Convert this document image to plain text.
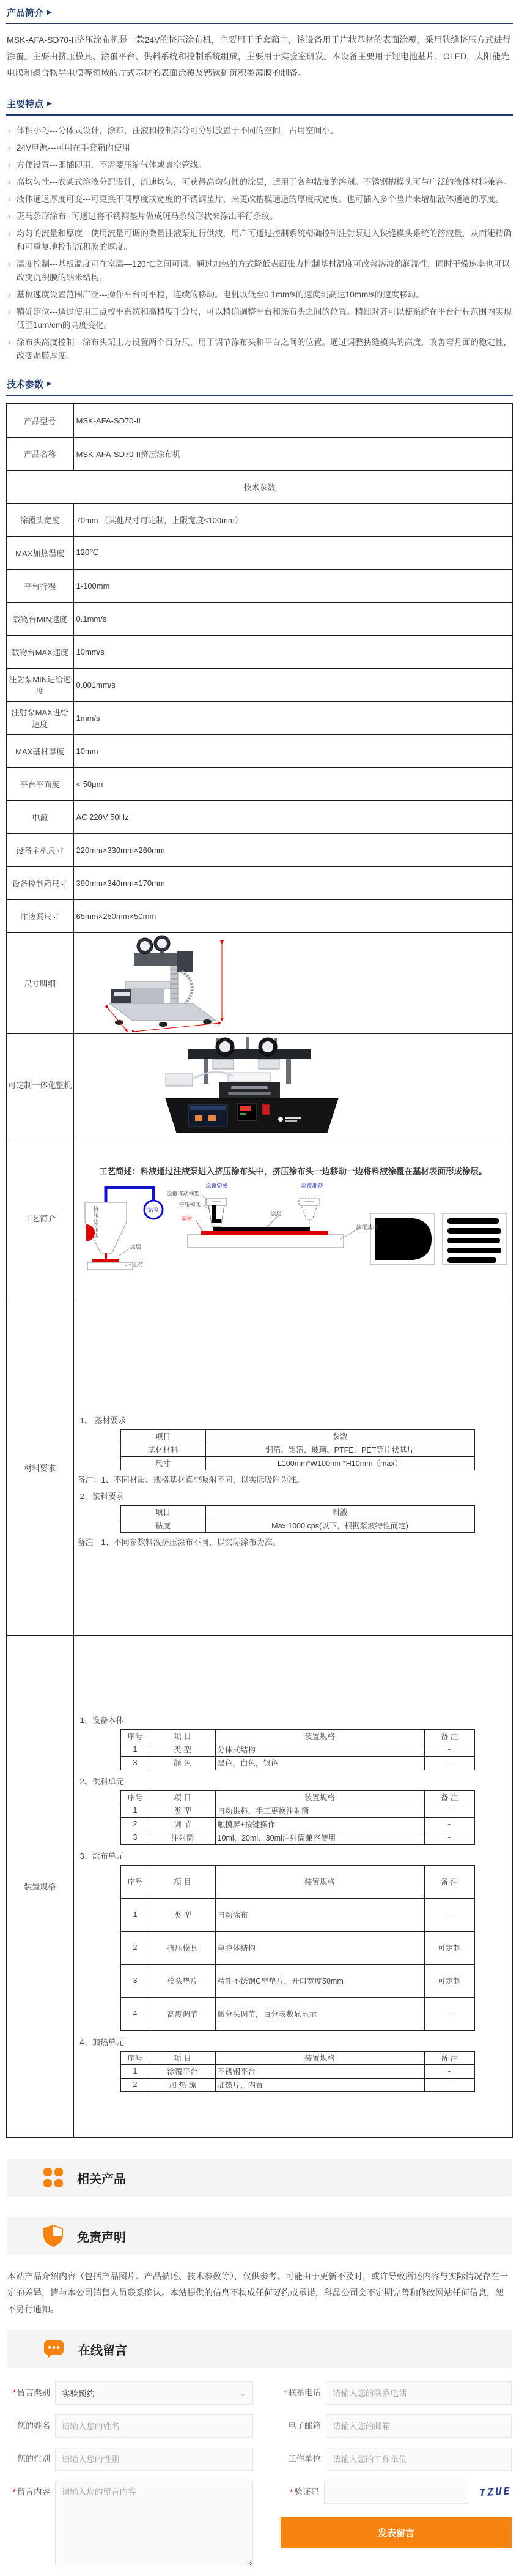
产品简介 ▶

MSK-AFA-SD70-II挤压涂布机是一款24V的挤压涂布机，主要用于手套箱中，该设备用于片状基材的表面涂覆，采用狭缝挤压方式进行涂覆。主要由挤压模具、涂覆平台、供料系统和控制系统组成，主要用于实验室研发。本设备主要用于锂电池基片，OLED，太阳能光电膜和聚合物导电膜等领域的片式基材的表面涂覆及钙钛矿沉积类薄膜的制备。

主要特点 ▶
› 体积小巧---分体式设计，涂布、注液和控制部分可分别放置于不同的空间，占用空间小。
› 24V电源---可用在手套箱内使用
› 方便设置---即插即用，不需要压缩气体或真空管线。
› 高均匀性---衣架式溶液分配设计，流速均匀，可获得高均匀性的涂层，适用于各种粘度的溶剂。不锈钢槽模头可与广泛的液体材料兼容。
› 液体通道厚度可变---可更换不同厚度或宽度的不锈钢垫片，来更改槽模通道的厚度或宽度。也可插入多个垫片来增加液体通道的厚度。
› 斑马条形涂布--可通过将不锈钢垫片做成斑马条纹形状来涂出平行条纹。
› 均匀的流量和厚度---使用流量可调的微量注液泵进行供液，用户可通过控制系统精确控制注射泵进入狭缝模头系统的溶液量，从而能精确和可重复地控制沉积膜的厚度。
› 温度控制---基板温度可在室温—120℃之间可调。通过加热的方式降低表面张力控制基材温度可改善溶液的润湿性，同时干燥速率也可以改变沉积膜的纳米结构。
› 基板速度设置范围广泛---操作平台可平稳，连续的移动。电机以低至0.1mm/s的速度到高达10mm/s的速度移动。
› 精确定位---通过使用三点校平系统和高精度千分尺，可以精确调整平台和涂布头之间的位置。精细对齐可以使系统在平台行程范围内实现低至1um/cm的高度变化。
› 涂布头高度控制---涂布头架上方设置两个百分尺，用于调节涂布头和平台之间的位置。通过调整狭缝模头的高度，改善弯月面的稳定性，改变湿膜厚度。
技术参数 ▶
产品型号	MSK-AFA-SD70-II
产品名称	MSK-AFA-SD70-II挤压涂布机
技术参数
涂覆头宽度	70mm （其他尺寸可定制，上限宽度≤100mm）
MAX加热温度	120℃
平台行程	1-100mm
载物台MIN速度	0.1mm/s
载物台MAX速度	10mm/s
注射泵MIN进给速度	0.001mm/s
注射泵MAX进给速度	1mm/s
MAX基材厚度	10mm
平台平面度	< 50μm
电源	AC 220V 50Hz
设备主机尺寸	220mm×330mm×260mm
设备控制箱尺寸	390mm×340mm×170mm
注液泵尺寸	65mm×250mm×50mm
尺寸明细	

可定制一体化整机	

工艺简介	
工艺简述：料液通过注液泵进入挤压涂布头中，挤压涂布头一边移动一边将料液涂覆在基材表面形成涂层。
挤压涂布头	注液泵
涂层
基材
涂覆完成
涂覆移动框架
挤压模头
基材
涂层
涂覆准备
涂覆基板

材料要求	
1、 基材要求
项目	参数
基材材料	铜箔、铝箔、玻璃、PTFE，PET等片状基片
尺寸	L100mm*W100mm*H10mm（max）
备注：1、不同材质、规格基材真空吸附不同，以实际吸附为准。
2、浆料要求
项目	料液
粘度	Max.1000 cps(以下，根据浆液特性而定)
备注：1、不同参数料液挤压涂布不同，以实际涂布为准。

装置规格	
1、设备本体
序号	项 目	装置规格	备 注
1	类 型	分体式结构	-
3	颜 色	黑色，白色，银色	-
2、供料单元
序号	项 目	装置规格	备 注
1	类 型	自动供料，手工更换注射筒	-
2	调 节	触摸屏+按键操作	-
3	注射筒	10ml、20ml、30ml注射筒兼容使用	-
3、涂布单元
序号	项 目	装置规格	备 注
1	类 型	自动涂布	-
2	挤压模具	单腔体结构	可定制
3	模头垫片	精轧不锈钢C型垫片，开口宽度50mm	可定制
4	高度调节	微分头调节，百分表数显显示	-
4、加热单元
序号	项 目	装置规格	备 注
1	涂覆平台	不锈钢平台	-
2	加 热 源	加热片，内置	-
相关产品
免责声明

本站产品介绍内容（包括产品图片、产品描述、技术参数等），仅供参考。可能由于更新不及时，或许导致所述内容与实际情况存在一定的差异，请与本公司销售人员联系确认。本站提供的信息不构成任何要约或承诺，科晶公司会不定期完善和修改网站任何信息，恕不另行通知。

在线留言
* 留言类别 实验预约	⌄	* 联系电话
请输入您的联系电话
您的姓名
请输入您的姓名	电子邮箱
请输入您的邮箱
您的性别
请输入您的性别	工作单位
请输入您的工作单位
* 留言内容
请输入您的留言内容	* 验证码	TZUE
发表留言
